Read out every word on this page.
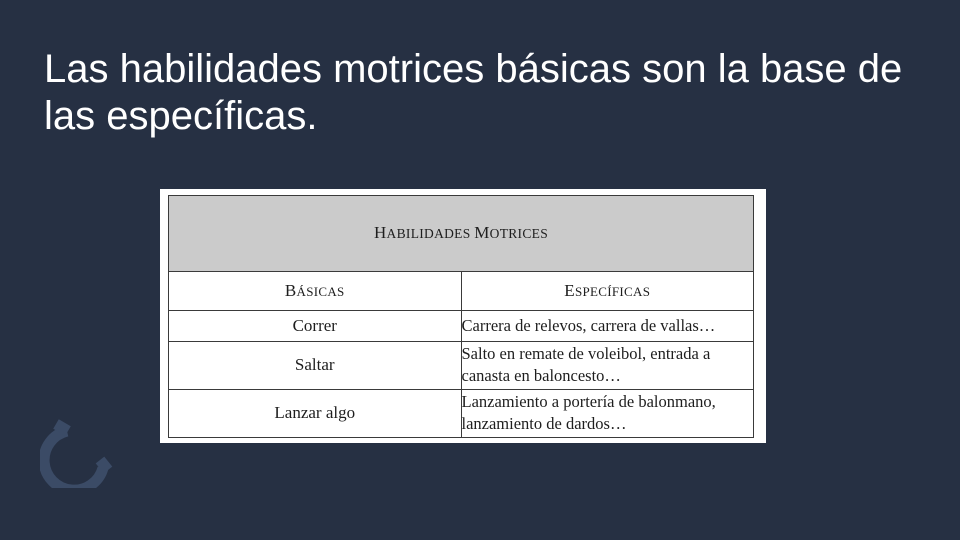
Las habilidades motrices básicas son la base de las específicas.
HABILIDADES MOTRICES	
BÁSICAS	ESPECÍFICAS
Correr	Carrera de relevos, carrera de vallas…
Saltar	Salto en remate de voleibol, entrada a canasta en baloncesto…
Lanzar algo	Lanzamiento a portería de balonmano, lanzamiento de dardos…
